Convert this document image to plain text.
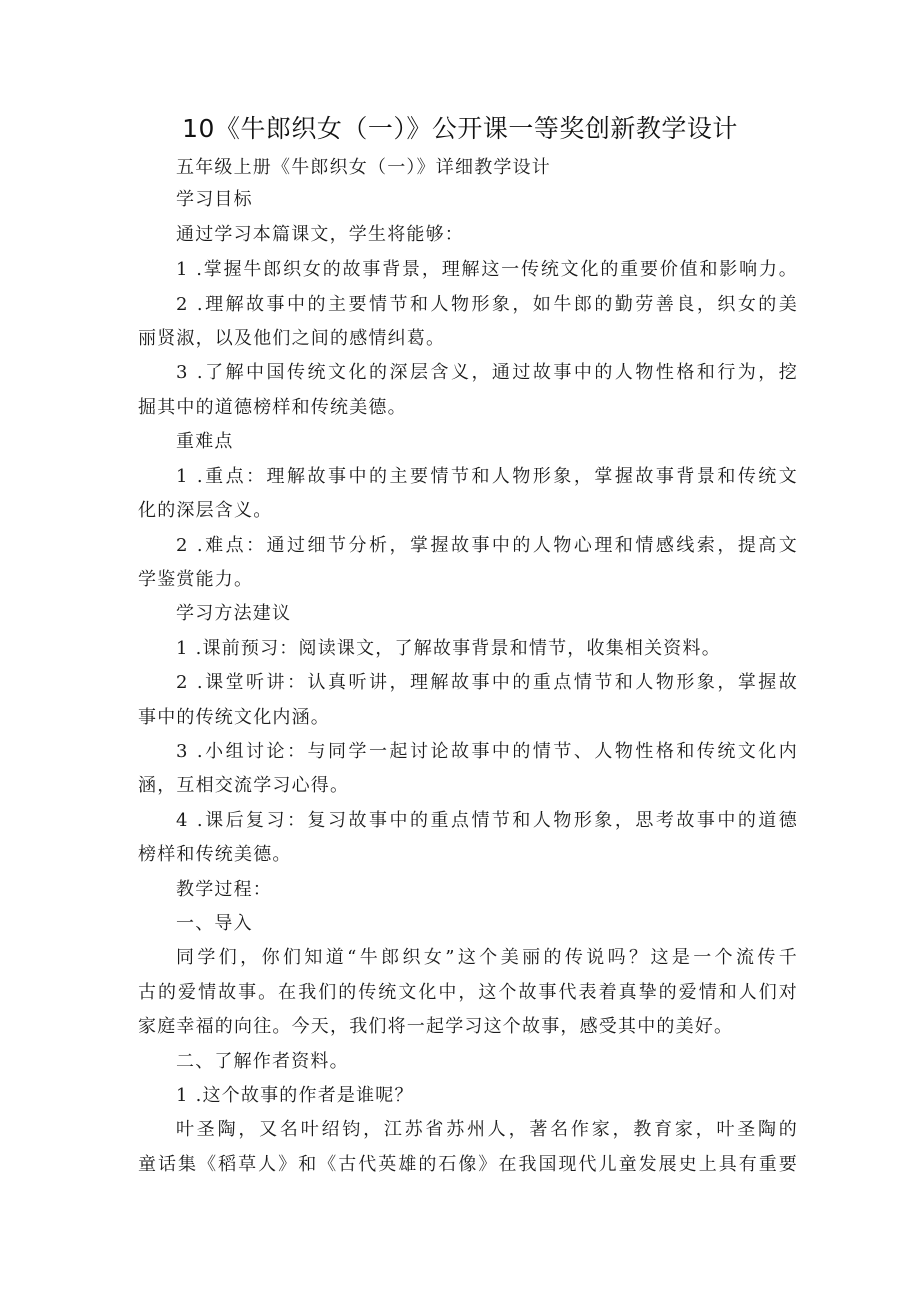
10《牛郎织女（一）》公开课一等奖创新教学设计
五年级上册《牛郎织女（一）》详细教学设计
学习目标
通过学习本篇课文，学生将能够：
1 .掌握牛郎织女的故事背景，理解这一传统文化的重要价值和影响力。
2 .理解故事中的主要情节和人物形象，如牛郎的勤劳善良，织女的美
丽贤淑，以及他们之间的感情纠葛。
3 .了解中国传统文化的深层含义，通过故事中的人物性格和行为，挖
掘其中的道德榜样和传统美德。
重难点
1 .重点：理解故事中的主要情节和人物形象，掌握故事背景和传统文
化的深层含义。
2 .难点：通过细节分析，掌握故事中的人物心理和情感线索，提高文
学鉴赏能力。
学习方法建议
1 .课前预习：阅读课文，了解故事背景和情节，收集相关资料。
2 .课堂听讲：认真听讲，理解故事中的重点情节和人物形象，掌握故
事中的传统文化内涵。
3 .小组讨论：与同学一起讨论故事中的情节、人物性格和传统文化内
涵，互相交流学习心得。
4 .课后复习：复习故事中的重点情节和人物形象，思考故事中的道德
榜样和传统美德。
教学过程：
一、导入
同学们，你们知道“牛郎织女”这个美丽的传说吗？这是一个流传千
古的爱情故事。在我们的传统文化中，这个故事代表着真挚的爱情和人们对
家庭幸福的向往。今天，我们将一起学习这个故事，感受其中的美好。
二、了解作者资料。
1 .这个故事的作者是谁呢？
叶圣陶，又名叶绍钧，江苏省苏州人，著名作家，教育家，叶圣陶的
童话集《稻草人》和《古代英雄的石像》在我国现代儿童发展史上具有重要
